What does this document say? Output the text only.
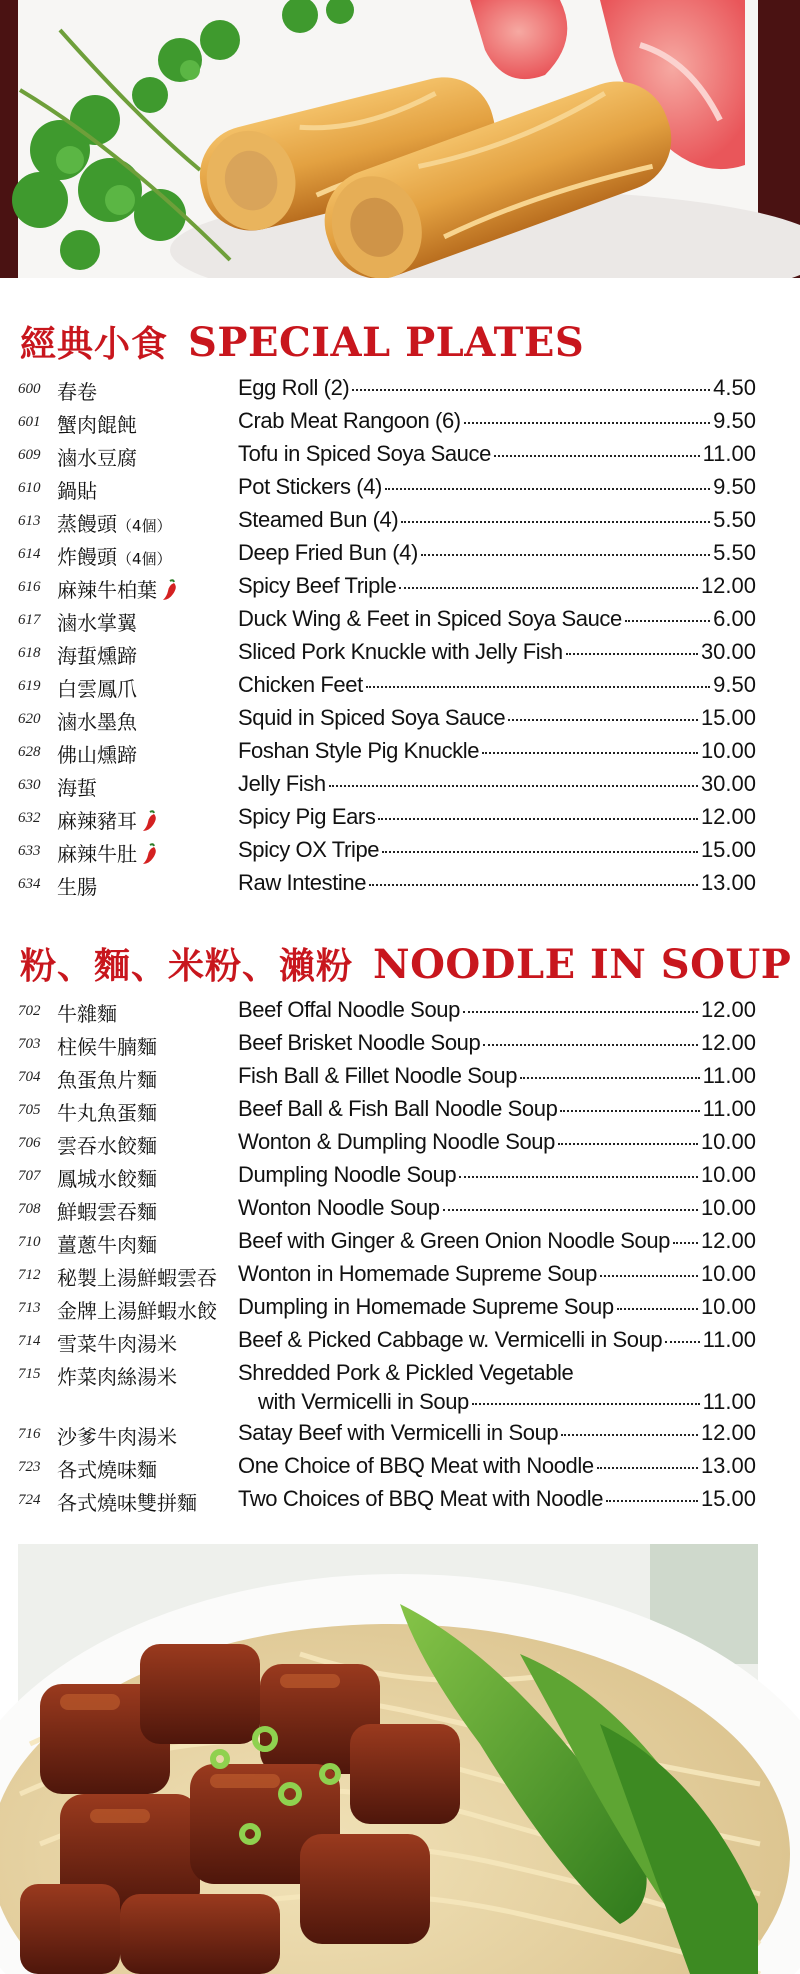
經典小食 SPECIAL PLATES
600 春卷	Egg Roll (2)	4.50
601 蟹肉餛飩	Crab Meat Rangoon (6)	9.50
609 滷水豆腐	Tofu in Spiced Soya Sauce	11.00
610 鍋貼	Pot Stickers (4)	9.50
613 蒸饅頭（4個）	Steamed Bun (4)	5.50
614 炸饅頭（4個）	Deep Fried Bun (4)	5.50
616 麻辣牛柏葉	Spicy Beef Triple	12.00
617 滷水掌翼	Duck Wing & Feet in Spiced Soya Sauce	6.00
618 海蜇燻蹄	Sliced Pork Knuckle with Jelly Fish	30.00
619 白雲鳳爪	Chicken Feet	9.50
620 滷水墨魚	Squid in Spiced Soya Sauce	15.00
628 佛山燻蹄	Foshan Style Pig Knuckle	10.00
630 海蜇	Jelly Fish	30.00
632 麻辣豬耳	Spicy Pig Ears	12.00
633 麻辣牛肚	Spicy OX Tripe	15.00
634 生腸	Raw Intestine	13.00
粉、麵、米粉、瀨粉 NOODLE IN SOUP
702 牛雜麵	Beef Offal Noodle Soup	12.00
703 柱候牛腩麵	Beef Brisket Noodle Soup	12.00
704 魚蛋魚片麵	Fish Ball & Fillet Noodle Soup	11.00
705 牛丸魚蛋麵	Beef Ball & Fish Ball Noodle Soup	11.00
706 雲吞水餃麵	Wonton & Dumpling Noodle Soup	10.00
707 鳳城水餃麵	Dumpling Noodle Soup	10.00
708 鮮蝦雲吞麵	Wonton Noodle Soup	10.00
710 薑蔥牛肉麵	Beef with Ginger & Green Onion Noodle Soup 12.00
712 秘製上湯鮮蝦雲吞 Wonton in Homemade Supreme Soup	10.00
713 金牌上湯鮮蝦水餃 Dumpling in Homemade Supreme Soup	10.00
714 雪菜牛肉湯米	Beef & Picked Cabbage w. Vermicelli in Soup 11.00
715 炸菜肉絲湯米	Shredded Pork & Pickled Vegetable
with Vermicelli in Soup	11.00
716 沙爹牛肉湯米	Satay Beef with Vermicelli in Soup	12.00
723 各式燒味麵	One Choice of BBQ Meat with Noodle	13.00
724 各式燒味雙拼麵 Two Choices of BBQ Meat with Noodle	15.00
